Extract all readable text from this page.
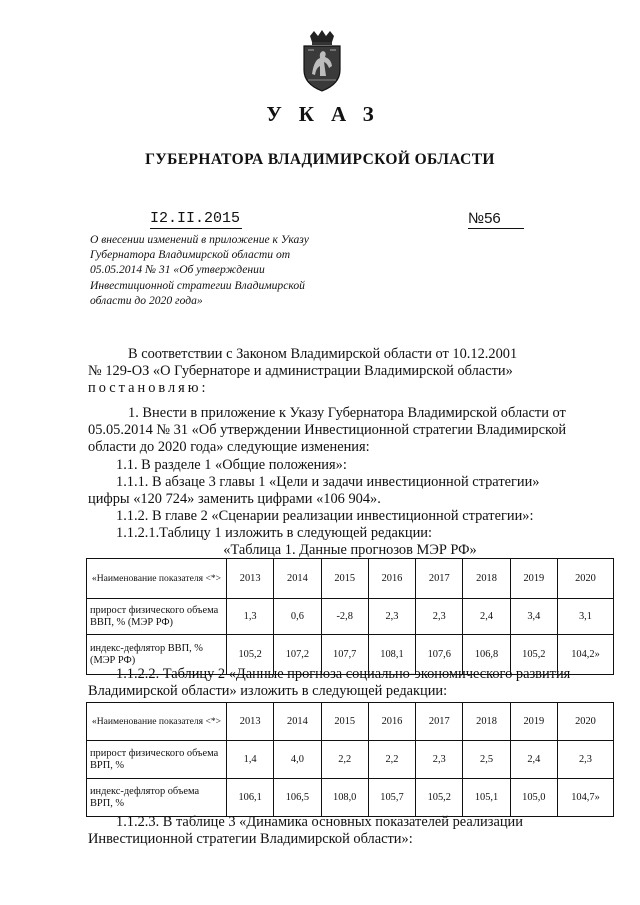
УКАЗ
ГУБЕРНАТОРА ВЛАДИМИРСКОЙ ОБЛАСТИ
I2.II.2015	№56

О внесении изменений в приложение к Указу

Губернатора Владимирской области от

05.05.2014 № 31 «Об утверждении

Инвестиционной стратегии Владимирской

области до 2020 года»

В соответствии с Законом Владимирской области от 10.12.2001

№ 129-ОЗ «О Губернаторе и администрации Владимирской области»

постановляю:

1. Внести в приложение к Указу Губернатора Владимирской области от

05.05.2014 № 31 «Об утверждении Инвестиционной стратегии Владимирской

области до 2020 года» следующие изменения:

1.1. В разделе 1 «Общие положения»:

1.1.1. В абзаце 3 главы 1 «Цели и задачи инвестиционной стратегии»

цифры «120 724» заменить цифрами «106 904».

1.1.2. В главе 2 «Сценарии реализации инвестиционной стратегии»:

1.1.2.1.Таблицу 1 изложить в следующей редакции:

«Таблица 1. Данные прогнозов МЭР РФ»
«Наименование показателя <*>	2013	2014	2015	2016	2017	2018	2019	2020
прирост физического объема ВВП, % (МЭР РФ)	1,3	0,6	-2,8	2,3	2,3	2,4	3,4	3,1
индекс-дефлятор ВВП, % (МЭР РФ)	105,2	107,2	107,7	108,1	107,6	106,8	105,2	104,2»

1.1.2.2. Таблицу 2 «Данные прогноза социально-экономического развития

Владимирской области» изложить в следующей редакции:

«Наименование показателя <*>	2013	2014	2015	2016	2017	2018	2019	2020
прирост физического объема ВРП, %	1,4	4,0	2,2	2,2	2,3	2,5	2,4	2,3
индекс-дефлятор объема ВРП, %	106,1	106,5	108,0	105,7	105,2	105,1	105,0	104,7»

1.1.2.3. В таблице 3 «Динамика основных показателей реализации

Инвестиционной стратегии Владимирской области»:
